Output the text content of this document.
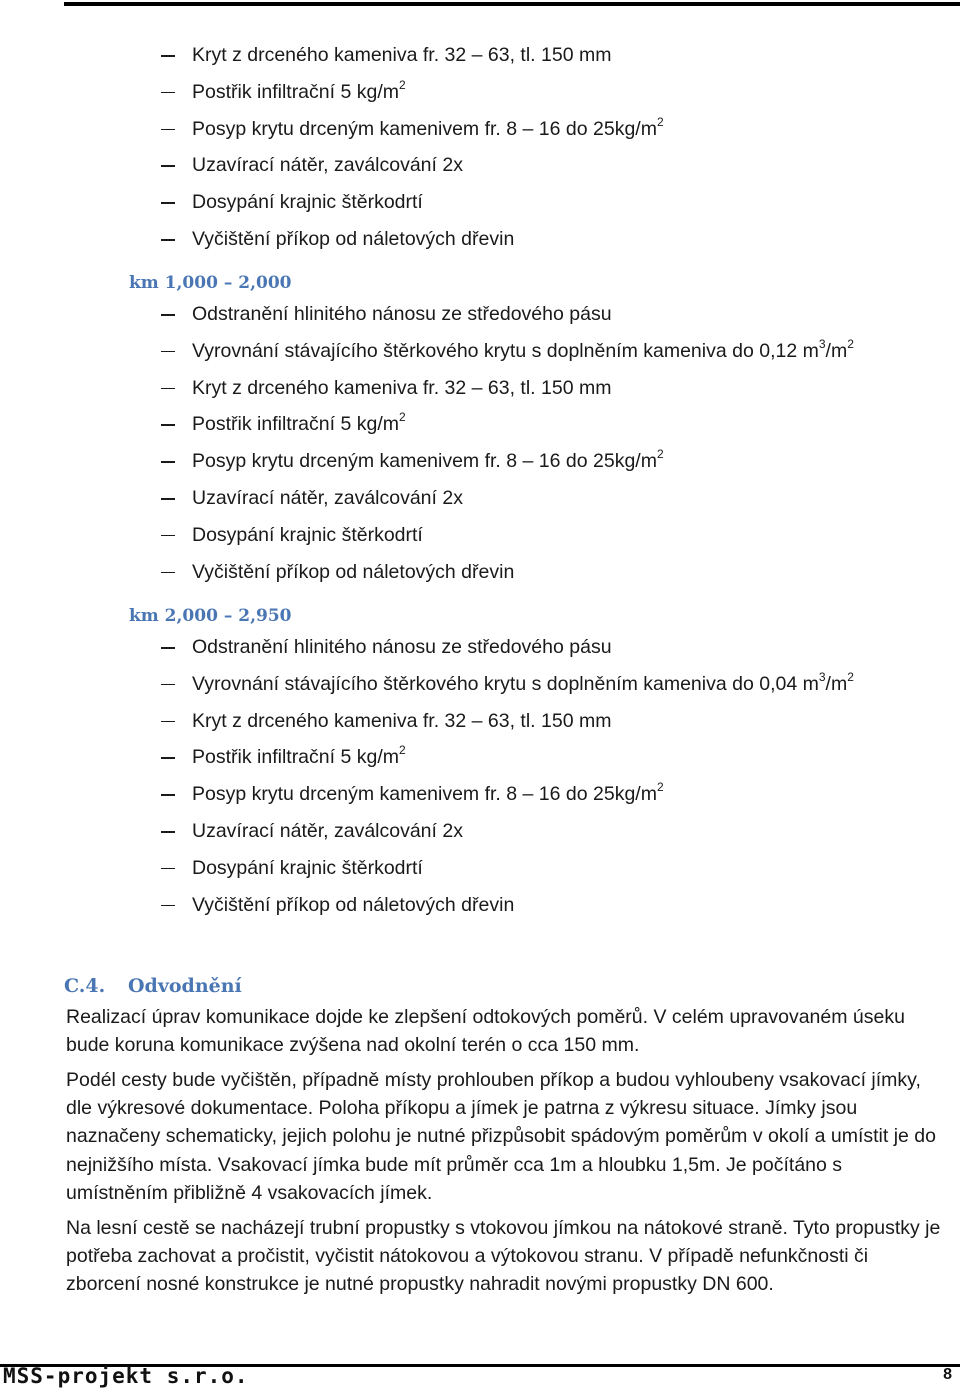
Kryt z drceného kameniva fr. 32 – 63, tl. 150 mm
Postřik infiltrační 5 $kg/m^2$
Posyp krytu drceným kamenivem fr. 8 – 16 do $25kg/m^2$
Uzavírací nátěr, zaválcování 2x
Dosypání krajnic štěrkodrtí
Vyčištění příkop od náletových dřevin
km 1,000 – 2,000
Odstranění hlinitého nánosu ze středového pásu
Vyrovnání stávajícího štěrkového krytu s doplněním kameniva do 0,12 $m^3/m^2$
Kryt z drceného kameniva fr. 32 – 63, tl. 150 mm
Postřik infiltrační 5 $kg/m^2$
Posyp krytu drceným kamenivem fr. 8 – 16 do $25kg/m^2$
Uzavírací nátěr, zaválcování 2x
Dosypání krajnic štěrkodrtí
Vyčištění příkop od náletových dřevin
km 2,000 – 2,950
Odstranění hlinitého nánosu ze středového pásu
Vyrovnání stávajícího štěrkového krytu s doplněním kameniva do 0,04 $m^3/m^2$
Kryt z drceného kameniva fr. 32 – 63, tl. 150 mm
Postřik infiltrační 5 $kg/m^2$
Posyp krytu drceným kamenivem fr. 8 – 16 do $25kg/m^2$
Uzavírací nátěr, zaválcování 2x
Dosypání krajnic štěrkodrtí
Vyčištění příkop od náletových dřevin
C.4. Odvodnění

Realizací úprav komunikace dojde ke zlepšení odtokových poměrů. V celém upravovaném úseku bude koruna komunikace zvýšena nad okolní terén o cca 150 mm.

Podél cesty bude vyčištěn, případně místy prohlouben příkop a budou vyhloubeny vsakovací jímky, dle výkresové dokumentace. Poloha příkopu a jímek je patrna z výkresu situace. Jímky jsou naznačeny schematicky, jejich polohu je nutné přizpůsobit spádovým poměrům v okolí a umístit je do nejnižšího místa. Vsakovací jímka bude mít průměr cca 1m a hloubku 1,5m. Je počítáno s umístněním přibližně 4 vsakovacích jímek.

Na lesní cestě se nacházejí trubní propustky s vtokovou jímkou na nátokové straně. Tyto propustky je potřeba zachovat a pročistit, vyčistit nátokovou a výtokovou stranu. V případě nefunkčnosti či zborcení nosné konstrukce je nutné propustky nahradit novými propustky DN 600.

MSS-projekt s.r.o.	8
